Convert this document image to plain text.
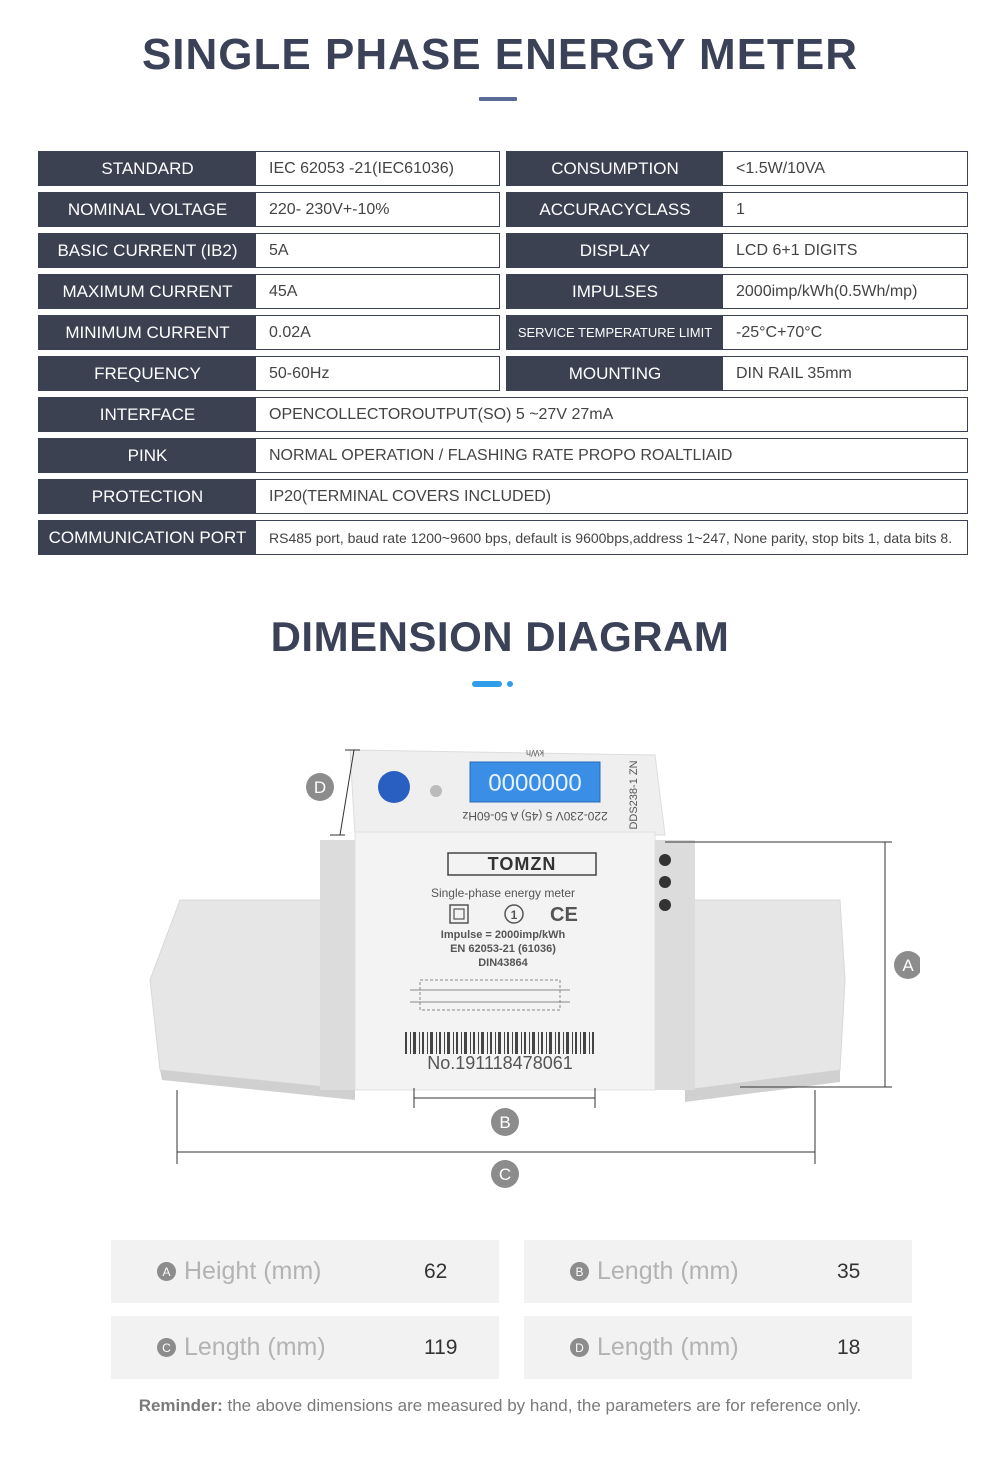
SINGLE PHASE ENERGY METER
STANDARD	IEC 62053 -21(IEC61036)	CONSUMPTION	<1.5W/10VA
NOMINAL VOLTAGE	220- 230V+-10%	ACCURACYCLASS	1
BASIC CURRENT (IB2)	5A	DISPLAY	LCD 6+1 DIGITS
MAXIMUM CURRENT	45A	IMPULSES	2000imp/kWh(0.5Wh/mp)
MINIMUM CURRENT	0.02A	SERVICE TEMPERATURE LIMIT	-25°C+70°C
FREQUENCY	50-60Hz	MOUNTING	DIN RAIL 35mm
INTERFACE	OPENCOLLECTOROUTPUT(SO) 5 ~27V 27mA
PINK	NORMAL OPERATION / FLASHING RATE PROPO ROALTLIAID
PROTECTION	IP20(TERMINAL COVERS INCLUDED)
COMMUNICATION PORT	RS485 port, baud rate 1200~9600 bps, default is 9600bps,address 1~247, None parity, stop bits 1, data bits 8.
DIMENSION DIAGRAM
0000000
kWh
220-230V 5 (45) A 50-60Hz DDS238-1 ZN
TOMZN
Single-phase energy meter
1 CE
Impulse = 2000imp/kWh
EN 62053-21 (61036)
DIN43864
No.191118478061
D
A
B
C
A Height (mm)	62	B Length (mm)	35
C Length (mm)	119	D Length (mm)	18
Reminder: the above dimensions are measured by hand, the parameters are for reference only.
